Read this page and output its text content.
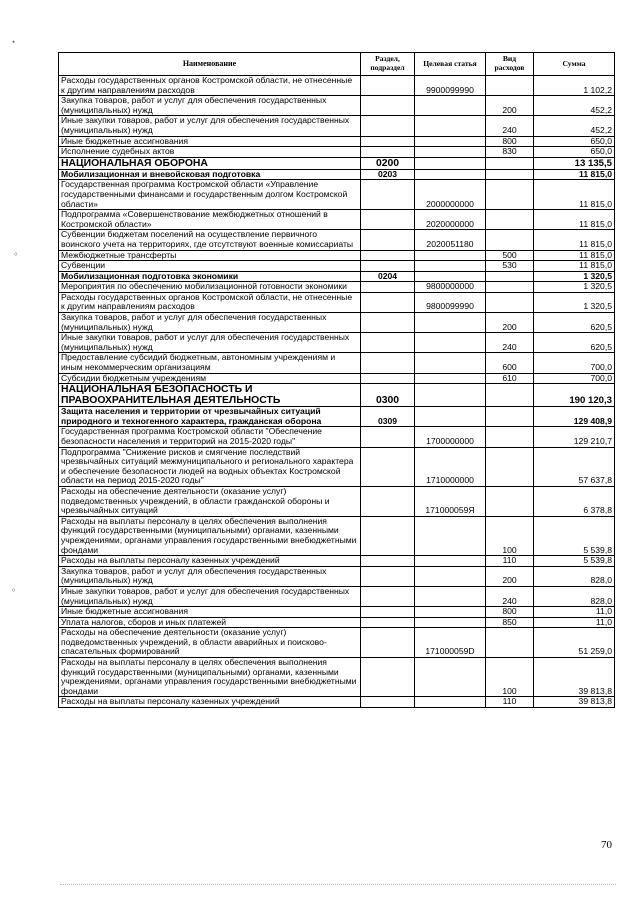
•
°
°
Наименование	Раздел, подраздел	Целевая статья	Вид расходов	Сумма
Расходы государственных органов Костромской области, не отнесенные к другим направлениям расходов		9900099990		1 102,2
Закупка товаров, работ и услуг для обеспечения государственных (муниципальных) нужд			200	452,2
Иные закупки товаров, работ и услуг для обеспечения государственных (муниципальных) нужд			240	452,2
Иные бюджетные ассигнования			800	650,0
Исполнение судебных актов			830	650,0
НАЦИОНАЛЬНАЯ ОБОРОНА	0200			13 135,5
Мобилизационная и вневойсковая подготовка	0203			11 815,0
Государственная программа Костромской области «Управление государственными финансами и государственным долгом Костромской области»		2000000000		11 815,0
Подпрограмма «Совершенствование межбюджетных отношений в Костромской области»		2020000000		11 815,0
Субвенции бюджетам поселений на осуществление первичного воинского учета на территориях, где отсутствуют военные комиссариаты		2020051180		11 815,0
Межбюджетные трансферты			500	11 815,0
Субвенции			530	11 815,0
Мобилизационная подготовка экономики	0204			1 320,5
Мероприятия по обеспечению мобилизационной готовности экономики		9800000000		1 320,5
Расходы государственных органов Костромской области, не отнесенные к другим направлениям расходов		9800099990		1 320,5
Закупка товаров, работ и услуг для обеспечения государственных (муниципальных) нужд			200	620,5
Иные закупки товаров, работ и услуг для обеспечения государственных (муниципальных) нужд			240	620,5
Предоставление субсидий бюджетным, автономным учреждениям и иным некоммерческим организациям			600	700,0
Субсидии бюджетным учреждениям			610	700,0
НАЦИОНАЛЬНАЯ БЕЗОПАСНОСТЬ И ПРАВООХРАНИТЕЛЬНАЯ ДЕЯТЕЛЬНОСТЬ	0300			190 120,3
Защита населения и территории от чрезвычайных ситуаций природного и техногенного характера, гражданская оборона	0309			129 408,9
Государственная программа Костромской области "Обеспечение безопасности населения и территорий на 2015-2020 годы"		1700000000		129 210,7
Подпрограмма "Снижение рисков и смягчение последствий чрезвычайных ситуаций межмуниципального и регионального характера и обеспечение безопасности людей на водных объектах Костромской области на период 2015-2020 годы"		1710000000		57 637,8
Расходы на обеспечение деятельности (оказание услуг) подведомственных учреждений, в области гражданской обороны и чрезвычайных ситуаций		171000059Я		6 378,8
Расходы на выплаты персоналу в целях обеспечения выполнения функций государственными (муниципальными) органами, казенными учреждениями, органами управления государственными внебюджетными фондами			100	5 539,8
Расходы на выплаты персоналу казенных учреждений			110	5 539,8
Закупка товаров, работ и услуг для обеспечения государственных (муниципальных) нужд			200	828,0
Иные закупки товаров, работ и услуг для обеспечения государственных (муниципальных) нужд			240	828,0
Иные бюджетные ассигнования			800	11,0
Уплата налогов, сборов и иных платежей			850	11,0
Расходы на обеспечение деятельности (оказание услуг) подведомственных учреждений, в области аварийных и поисково-спасательных формирований		171000059D		51 259,0
Расходы на выплаты персоналу в целях обеспечения выполнения функций государственными (муниципальными) органами, казенными учреждениями, органами управления государственными внебюджетными фондами			100	39 813,8
Расходы на выплаты персоналу казенных учреждений			110	39 813,8
70
